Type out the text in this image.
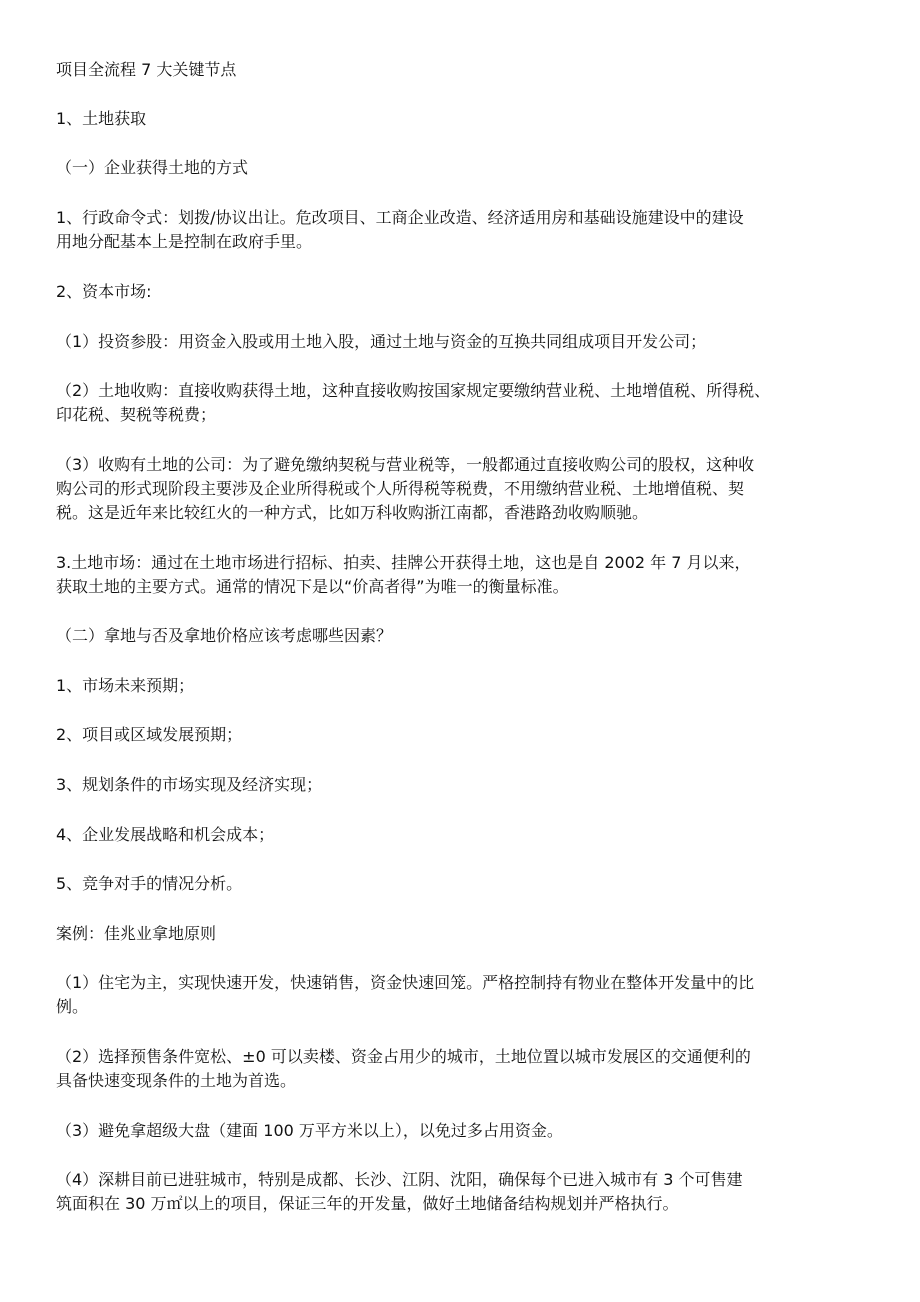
项目全流程 7 大关键节点
1、土地获取
（一）企业获得土地的方式
1、行政命令式：划拨/协议出让。危改项目、工商企业改造、经济适用房和基础设施建设中的建设
用地分配基本上是控制在政府手里。
2、资本市场:
（1）投资参股：用资金入股或用土地入股，通过土地与资金的互换共同组成项目开发公司；
（2）土地收购：直接收购获得土地，这种直接收购按国家规定要缴纳营业税、土地增值税、所得税、
印花税、契税等税费；
（3）收购有土地的公司：为了避免缴纳契税与营业税等，一般都通过直接收购公司的股权，这种收
购公司的形式现阶段主要涉及企业所得税或个人所得税等税费，不用缴纳营业税、土地增值税、契
税。这是近年来比较红火的一种方式，比如万科收购浙江南都，香港路劲收购顺驰。
3.土地市场：通过在土地市场进行招标、拍卖、挂牌公开获得土地，这也是自 2002 年 7 月以来，
获取土地的主要方式。通常的情况下是以“价高者得”为唯一的衡量标准。
（二）拿地与否及拿地价格应该考虑哪些因素？
1、市场未来预期；
2、项目或区域发展预期；
3、规划条件的市场实现及经济实现；
4、企业发展战略和机会成本；
5、竞争对手的情况分析。
案例：佳兆业拿地原则
（1）住宅为主，实现快速开发，快速销售，资金快速回笼。严格控制持有物业在整体开发量中的比
例。
（2）选择预售条件宽松、±0 可以卖楼、资金占用少的城市，土地位置以城市发展区的交通便利的
具备快速变现条件的土地为首选。
（3）避免拿超级大盘（建面 100 万平方米以上），以免过多占用资金。
（4）深耕目前已进驻城市，特别是成都、长沙、江阴、沈阳，确保每个已进入城市有 3 个可售建
筑面积在 30 万㎡以上的项目，保证三年的开发量，做好土地储备结构规划并严格执行。
